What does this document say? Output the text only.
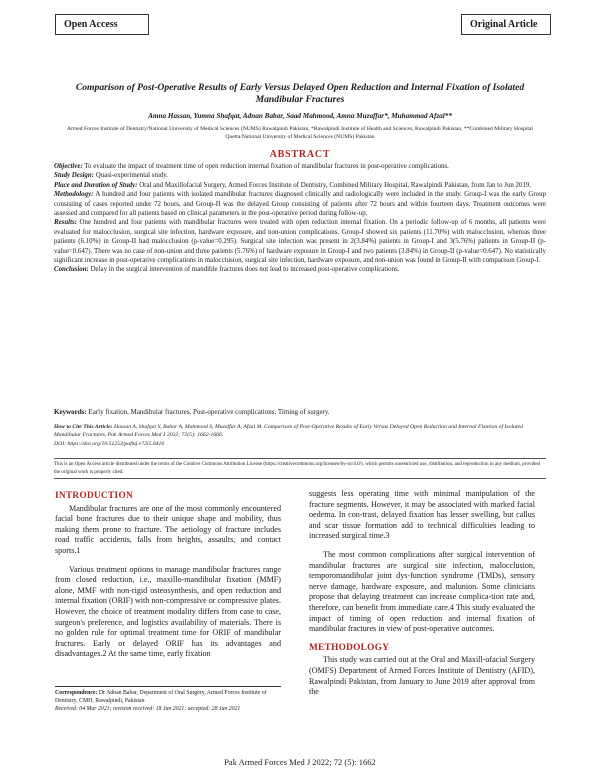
Open Access	Original Article
Comparison of Post-Operative Results of Early Versus Delayed Open Reduction and Internal Fixation of Isolated Mandibular Fractures
Amna Hassan, Yumna Shafqat, Adnan Babar, Saad Mahmood, Amna Muzaffar*, Muhammad Afzal**
Armed Forces Institute of Dentistry/National University of Medical Sciences (NUMS) Rawalpindi Pakistan, *Rawalpindi Institute of Health and Sciences, Rawalpindi Pakistan, **Combined Military Hospital Quetta/National University of Medical Sciences (NUMS) Pakistan
ABSTRACT

Objective: To evaluate the impact of treatment time of open reduction internal fixation of mandibular fractures in post-operative complications.

Study Design: Quasi-experimental study.

Place and Duration of Study: Oral and Maxillofacial Surgery, Armed Forces Institute of Dentistry, Combined Military Hospital, Rawalpindi Pakistan, from Jan to Jun 2019.

Methodology: A hundred and four patients with isolated mandibular fractures diagnosed clinically and radiologically were included in the study. Group-I was the early Group consisting of cases reported under 72 hours, and Group-II was the delayed Group consisting of patients after 72 hours and within fourteen days. Treatment outcomes were assessed and compared for all patients based on clinical parameters in the post-operative period during follow-up.

Results: One hundred and four patients with mandibular fractures were treated with open reduction internal fixation. On a periodic follow-up of 6 months, all patients were evaluated for malocclusion, surgical site infection, hardware exposure, and non-union complications. Group-I showed six patients (11.70%) with malocclusion, whereas three patients (6.10%) in Group-II had malocclusion (p-value=0.295). Surgical site infection was present in 2(3.84%) patients in Group-I and 3(5.76%) patients in Group-II (p-value=0.647). There was no case of non-union and three patients (5.76%) of hardware exposure in Group-I and two patients (3.84%) in Group-II (p-value=0.647). No statistically significant increase in post-operative complications in malocclusion, surgical site infection, hardware exposure, and non-union was found in Group-II with comparison Group-I.

Conclusion: Delay in the surgical intervention of mandible fractures does not lead to increased post-operative complications.

Keywords: Early fixation, Mandibular fractures, Post-operative complications, Timing of surgery.
How to Cite This Article: Hassan A, Shafqat Y, Babar A, Mahmood S, Muzaffar A, Afzal M. Comparison of Post-Operative Results of Early Versus Delayed Open Reduction and Internal Fixation of Isolated Mandibular Fractures. Pak Armed Forces Med J 2022; 72(5): 1662-1666.
DOI: https://doi.org/10.51253/pafmj.v72i5.6416
This is an Open Access article distributed under the terms of the Creative Commons Attribution License (https://creativecommons.org/licenses/by-nc/4.0/), which permits unrestricted use, distribution, and reproduction in any medium, provided the original work is properly cited.
INTRODUCTION

Mandibular fractures are one of the most commonly encountered facial bone fractures due to their unique shape and mobility, thus making them prone to fracture. The aetiology of fracture includes road traffic accidents, falls from heights, assaults, and contact sports.1

Various treatment options to manage mandibular fractures range from closed reduction, i.e., maxillo-mandibular fixation (MMF) alone, MMF with non-rigid osteosynthesis, and open reduction and internal fixation (ORIF) with non-compressive or compressive plates. However, the choice of treatment modality differs from case to case, surgeon's preference, and logistics availability of materials. There is no golden rule for optimal treatment time for ORIF of mandibular fractures. Early or delayed ORIF has its advantages and disadvantages.2 At the same time, early fixation

suggests less operating time with minimal manipulation of the fracture segments. However, it may be associated with marked facial oedema. In con-trast, delayed fixation has lesser swelling, but callus and scar tissue formation add to technical difficulties leading to increased surgical time.3

The most common complications after surgical intervention of mandibular fractures are surgical site infection, malocclusion, temporomandibular joint dys-function syndrome (TMDs), sensory nerve damage, hardware exposure, and malunion. Some clinicians propose that delaying treatment can increase complica-tion rate and, therefore, can benefit from immediate care.4 This study evaluated the impact of timing of open reduction and internal fixation of mandibular fractures in view of post-operative outcomes.

METHODOLOGY

This study was carried out at the Oral and Maxill-ofacial Surgery (OMFS) Department of Armed Forces Institute of Dentistry (AFID), Rawalpindi Pakistan, from January to June 2019 after approval from the

Correspondence: Dr Adnan Babar, Department of Oral Surgery, Armed Forces Institute of Dentistry, CMH, Rawalpindi, Pakistan
Received: 04 Mar 2021; revision received: 18 Jun 2021; accepted: 28 Jun 2021
Pak Armed Forces Med J 2022; 72 (5): 1662
